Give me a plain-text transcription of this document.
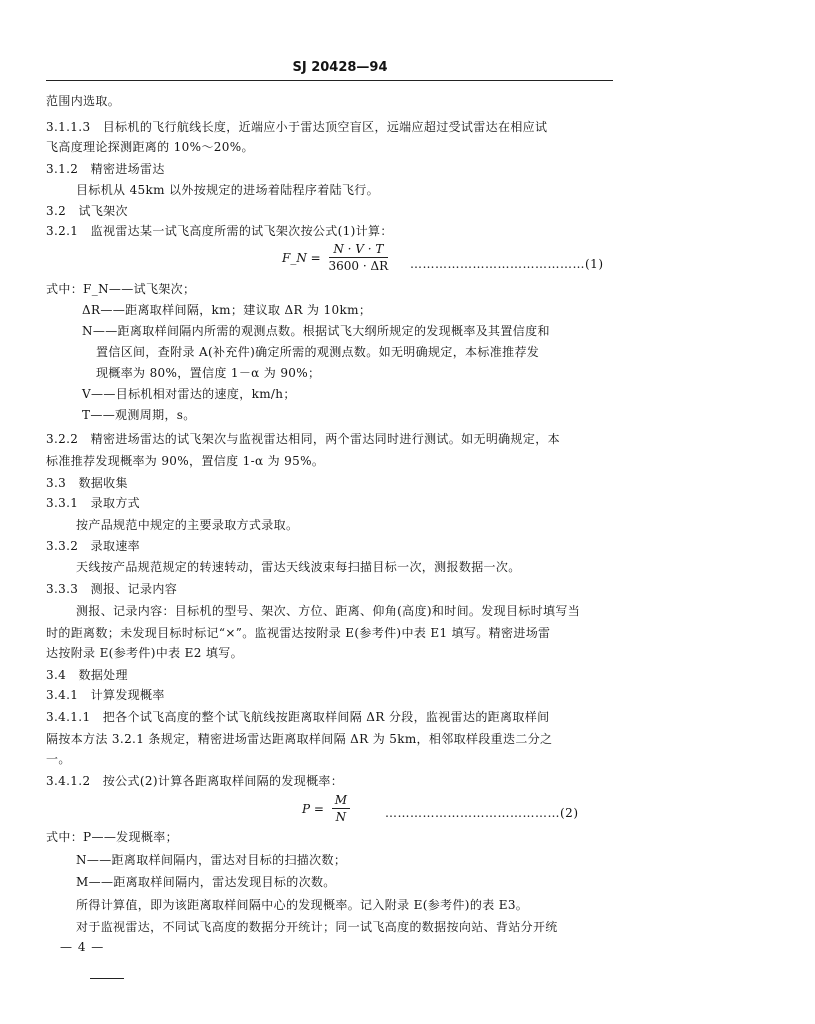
SJ 20428—94
范围内选取。
3.1.1.3　目标机的飞行航线长度，近端应小于雷达顶空盲区，远端应超过受试雷达在相应试
飞高度理论探测距离的 10%～20%。
3.1.2　精密进场雷达
目标机从 45km 以外按规定的进场着陆程序着陆飞行。
3.2　试飞架次
3.2.1　监视雷达某一试飞高度所需的试飞架次按公式(1)计算：
F_N = $\frac{N \cdot V \cdot T}{3600 \cdot \Delta R}$ ……………………………………(1)
式中：F_N——试飞架次；
ΔR——距离取样间隔，km；建议取 ΔR 为 10km；
N——距离取样间隔内所需的观测点数。根据试飞大纲所规定的发现概率及其置信度和
置信区间，查附录 A(补充件)确定所需的观测点数。如无明确规定，本标准推荐发
现概率为 80%，置信度 1－α 为 90%；
V——目标机相对雷达的速度，km/h；
T——观测周期，s。
3.2.2　精密进场雷达的试飞架次与监视雷达相同，两个雷达同时进行测试。如无明确规定，本
标准推荐发现概率为 90%，置信度 1-α 为 95%。
3.3　数据收集
3.3.1　录取方式
按产品规范中规定的主要录取方式录取。
3.3.2　录取速率
天线按产品规范规定的转速转动，雷达天线波束每扫描目标一次，测报数据一次。
3.3.3　测报、记录内容
测报、记录内容：目标机的型号、架次、方位、距离、仰角(高度)和时间。发现目标时填写当
时的距离数；未发现目标时标记“×”。监视雷达按附录 E(参考件)中表 E1 填写。精密进场雷
达按附录 E(参考件)中表 E2 填写。
3.4　数据处理
3.4.1　计算发现概率
3.4.1.1　把各个试飞高度的整个试飞航线按距离取样间隔 ΔR 分段，监视雷达的距离取样间
隔按本方法 3.2.1 条规定，精密进场雷达距离取样间隔 ΔR 为 5km，相邻取样段重迭二分之
一。
3.4.1.2　按公式(2)计算各距离取样间隔的发现概率：
$P = \frac{M}{N}$	……………………………………(2)
式中：P——发现概率；
N——距离取样间隔内，雷达对目标的扫描次数；
M——距离取样间隔内，雷达发现目标的次数。
所得计算值，即为该距离取样间隔中心的发现概率。记入附录 E(参考件)的表 E3。
对于监视雷达，不同试飞高度的数据分开统计；同一试飞高度的数据按向站、背站分开统
— 4 —
